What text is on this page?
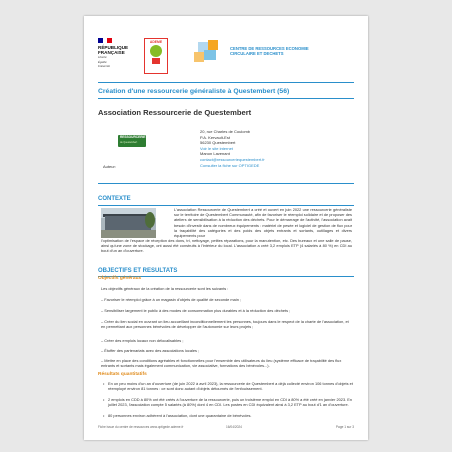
RÉPUBLIQUE
FRANÇAISE
Liberté
Égalité
Fraternité
ADEME
CENTRE DE RESSOURCES ECONOMIE
CIRCULAIRE ET DECHETS
Création d'une ressourcerie généraliste à Questembert (56)
Association Ressourcerie de Questembert
RESSOURCERIE
de Questembert
Auteur:
20, rue Charles de Coulomb
P.A. Kervault-Est
56230 Questembert
Voir le site internet
Manon Lavenant
contact@ressourceriequestembert.fr
Consulter la fiche sur OPTIGEDE
CONTEXTE
L'association Ressourcerie de Questembert a créé et ouvert en juin 2022 une ressourcerie généraliste sur le territoire de Questembert Communauté, afin de favoriser le réemploi solidaire et de proposer des ateliers de sensibilisation à la réduction des déchets. Pour le démarrage de l'activité, l'association avait besoin d'investir dans de nombreux équipements : matériel de pesée et logiciel de gestion de flux pour la traçabilité des catégories et des poids des objets entrants et sortants, outillages et divers équipements pour
l'optimisation de l'espace de réception des dons, tri, nettoyage, petites réparations, pour la manutention, etc. Des bureaux et une salle de pause, ainsi qu'une zone de stockage, ont aussi été construits à l'intérieur du local. L'association a créé 3,2 emplois ETP (4 salariés à 80 %) en CDI au bout d'un an d'ouverture.
OBJECTIFS ET RESULTATS
Objectifs généraux
Les objectifs généraux de la création de la ressourcerie sont les suivants :
– Favoriser le réemploi grâce à un magasin d'objets de qualité de seconde main ;
– Sensibiliser largement le public à des modes de consommation plus durables et à la réduction des déchets ;
– Créer du lien social en ouvrant un lieu accueillant inconditionnellement les personnes, toujours dans le respect de la charte de l'association, et en permettant aux personnes bénévoles de développer de l'autonomie sur leurs projets ;
– Créer des emplois locaux non délocalisables ;
– Étoffer des partenariats avec des associations locales ;
– Mettre en place des conditions agréables et fonctionnelles pour l'ensemble des utilisateurs du lieu (système efficace de traçabilité des flux entrants et sortants mais également communication, vie associative, formations des bénévoles...).
Résultats quantitatifs
• En un peu moins d'un an d'ouverture (de juin 2022 à avril 2023), la ressourcerie de Questembert a déjà collecté environ 106 tonnes d'objets et réemployé environ 81 tonnes : ce sont donc autant d'objets détournés de l'enfouissement.
• 2 emplois en CDD à 80% ont été créés à l'ouverture de la ressourcerie, puis un troisième emploi en CDI à 80% a été créé en janvier 2023. En juillet 2023, l'association compte 5 salariés (à 80%) dont 4 en CDI. Les postes en CDI équivalent ainsi à 3,2 ETP au bout d'1 an d'ouverture.
• 80 personnes environ adhèrent à l'association, dont une quarantaine de bénévoles.
Fiche issue du centre de ressources www.optigede.ademe.fr	16/04/2024	Page 1 sur 3
